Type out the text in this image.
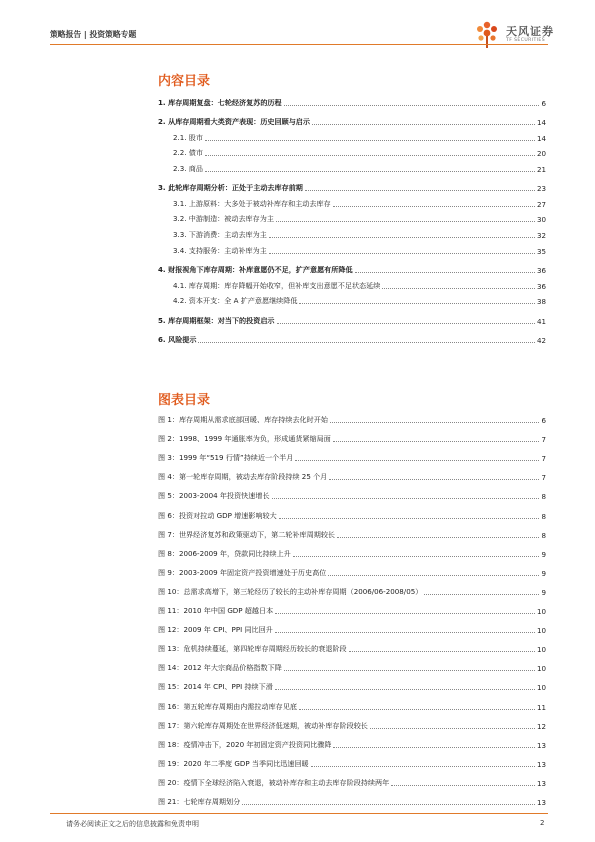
策略报告 | 投资策略专题	天风证券
TF SECURITIES
内容目录
1. 库存周期复盘：七轮经济复苏的历程	6
2. 从库存周期看大类资产表现：历史回顾与启示	14
2.1. 股市	14
2.2. 债市	20
2.3. 商品	21
3. 此轮库存周期分析：正处于主动去库存前期	23
3.1. 上游原料：大多处于被动补库存和主动去库存	27
3.2. 中游制造：被动去库存为主	30
3.3. 下游消费：主动去库为主	32
3.4. 支持服务：主动补库为主	35
4. 财报视角下库存周期：补库意愿仍不足，扩产意愿有所降低	36
4.1. 库存周期：库存降幅开始收窄，但补库支出意愿不足状态延续	36
4.2. 资本开支：全 A 扩产意愿继续降低	38
5. 库存周期框架：对当下的投资启示	41
6. 风险提示	42
图表目录
图 1：库存周期从需求底部回暖、库存持续去化时开始	6
图 2：1998、1999 年通胀率为负，形成通货紧缩局面	7
图 3：1999 年“519 行情”持续近一个半月	7
图 4：第一轮库存周期，被动去库存阶段持续 25 个月	7
图 5：2003-2004 年投资快速增长	8
图 6：投资对拉动 GDP 增速影响较大	8
图 7：世界经济复苏和政策驱动下，第二轮补库周期较长	8
图 8：2006-2009 年，贷款同比持续上升	9
图 9：2003-2009 年固定资产投资增速处于历史高位	9
图 10：总需求高增下，第三轮经历了较长的主动补库存周期（2006/06-2008/05）	9
图 11：2010 年中国 GDP 超越日本	10
图 12：2009 年 CPI、PPI 同比回升	10
图 13：危机持续蔓延，第四轮库存周期经历较长的衰退阶段	10
图 14：2012 年大宗商品价格指数下降	10
图 15：2014 年 CPI、PPI 持续下滑	10
图 16：第五轮库存周期由内需拉动库存见底	11
图 17：第六轮库存周期处在世界经济低迷期，被动补库存阶段较长	12
图 18：疫情冲击下，2020 年初固定资产投资同比骤降	13
图 19：2020 年二季度 GDP 当季同比迅速回暖	13
图 20：疫情下全球经济陷入衰退，被动补库存和主动去库存阶段持续两年	13
图 21：七轮库存周期划分	13
请务必阅读正文之后的信息披露和免责申明	2
